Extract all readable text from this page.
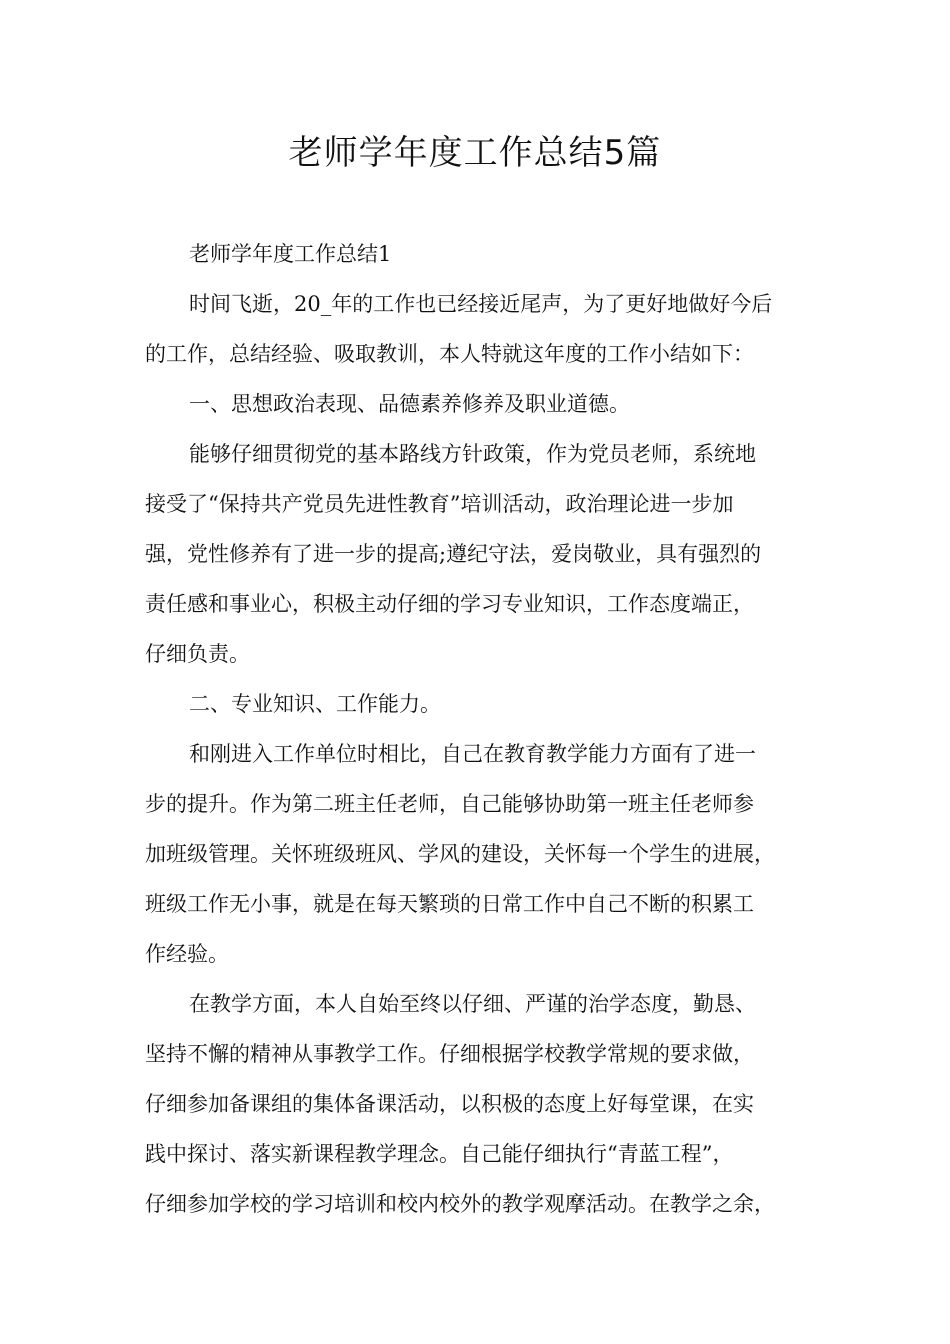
老师学年度工作总结5篇

老师学年度工作总结1

时间飞逝，20_年的工作也已经接近尾声，为了更好地做好今后
的工作，总结经验、吸取教训，本人特就这年度的工作小结如下：

一、思想政治表现、品德素养修养及职业道德。

能够仔细贯彻党的基本路线方针政策，作为党员老师，系统地
接受了“保持共产党员先进性教育”培训活动，政治理论进一步加
强，党性修养有了进一步的提高;遵纪守法，爱岗敬业，具有强烈的
责任感和事业心，积极主动仔细的学习专业知识，工作态度端正，
仔细负责。

二、专业知识、工作能力。

和刚进入工作单位时相比，自己在教育教学能力方面有了进一
步的提升。作为第二班主任老师，自己能够协助第一班主任老师参
加班级管理。关怀班级班风、学风的建设，关怀每一个学生的进展，
班级工作无小事，就是在每天繁琐的日常工作中自己不断的积累工
作经验。

在教学方面，本人自始至终以仔细、严谨的治学态度，勤恳、
坚持不懈的精神从事教学工作。仔细根据学校教学常规的要求做，
仔细参加备课组的集体备课活动，以积极的态度上好每堂课，在实
践中探讨、落实新课程教学理念。自己能仔细执行“青蓝工程”，
仔细参加学校的学习培训和校内校外的教学观摩活动。在教学之余，
